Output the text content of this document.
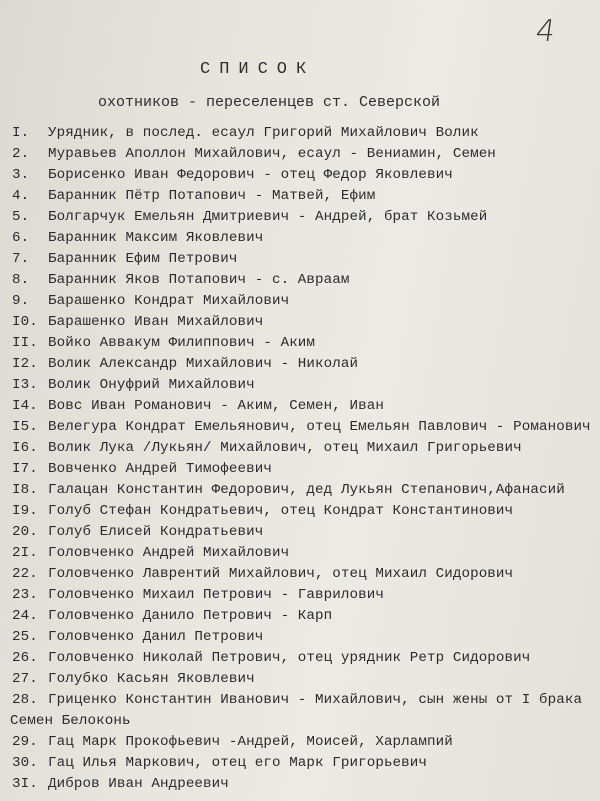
4
СПИСОК
охотников - переселенцев ст. Северской
I.	Урядник, в послед. есаул Григорий Михайлович Волик
2.	Муравьев Аполлон Михайлович, есаул - Вениамин, Семен
3.	Борисенко Иван Федорович - отец Федор Яковлевич
4.	Баранник Пётр Потапович - Матвей, Ефим
5.	Болгарчук Емельян Дмитриевич - Андрей, брат Козьмей
6.	Баранник Максим Яковлевич
7.	Баранник Ефим Петрович
8.	Баранник Яков Потапович - с. Авраам
9.	Барашенко Кондрат Михайлович
I0. Барашенко Иван Михайлович
II. Войко Аввакум Филиппович - Аким
I2. Волик Александр Михайлович - Николай
I3. Волик Онуфрий Михайлович
I4. Вовс Иван Романович - Аким, Семен, Иван
I5. Велегура Кондрат Емельянович, отец Емельян Павлович - Романович
I6. Волик Лука /Лукьян/ Михайлович, отец Михаил Григорьевич
I7. Вовченко Андрей Тимофеевич
I8. Галацан Константин Федорович, дед Лукьян Степанович,Афанасий
I9. Голуб Стефан Кондратьевич, отец Кондрат Константинович
20. Голуб Елисей Кондратьевич
2I. Головченко Андрей Михайлович
22. Головченко Лаврентий Михайлович, отец Михаил Сидорович
23. Головченко Михаил Петрович - Гаврилович
24. Головченко Данило Петрович - Карп
25. Головченко Данил Петрович
26. Головченко Николай Петрович, отец урядник Ретр Сидорович
27. Голубко Касьян Яковлевич
28. Гриценко Константин Иванович - Михайлович, сын жены от I брака
Семен Белоконь
29. Гац Марк Прокофьевич -Андрей, Моисей, Харлампий
30. Гац Илья Маркович, отец его Марк Григорьевич
3I. Дибров Иван Андреевич
